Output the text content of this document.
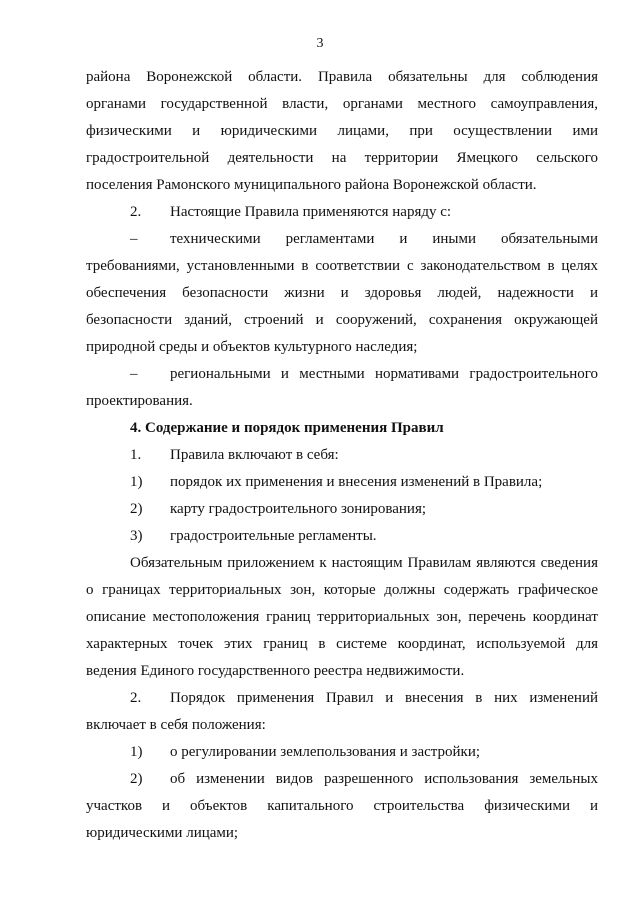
3
района Воронежской области. Правила обязательны для соблюдения
органами государственной власти, органами местного самоуправления,
физическими и юридическими лицами, при осуществлении ими
градостроительной деятельности на территории Ямецкого сельского
поселения Рамонского муниципального района Воронежской области.
2. Настоящие Правила применяются наряду с:
–	техническими регламентами и иными обязательными
требованиями, установленными в соответствии с законодательством в целях
обеспечения безопасности жизни и здоровья людей, надежности и
безопасности зданий, строений и сооружений, сохранения окружающей
природной среды и объектов культурного наследия;
–	региональными и местными нормативами градостроительного
проектирования.
4. Содержание и порядок применения Правил
1. Правила включают в себя:
1) порядок их применения и внесения изменений в Правила;
2) карту градостроительного зонирования;
3) градостроительные регламенты.
Обязательным приложением к настоящим Правилам являются сведения
о границах территориальных зон, которые должны содержать графическое
описание местоположения границ территориальных зон, перечень координат
характерных точек этих границ в системе координат, используемой для
ведения Единого государственного реестра недвижимости.
2.	Порядок применения Правил и внесения в них изменений
включает в себя положения:
1) о регулировании землепользования и застройки;
2)	об изменении видов разрешенного использования земельных
участков и объектов капитального строительства физическими и
юридическими лицами;
